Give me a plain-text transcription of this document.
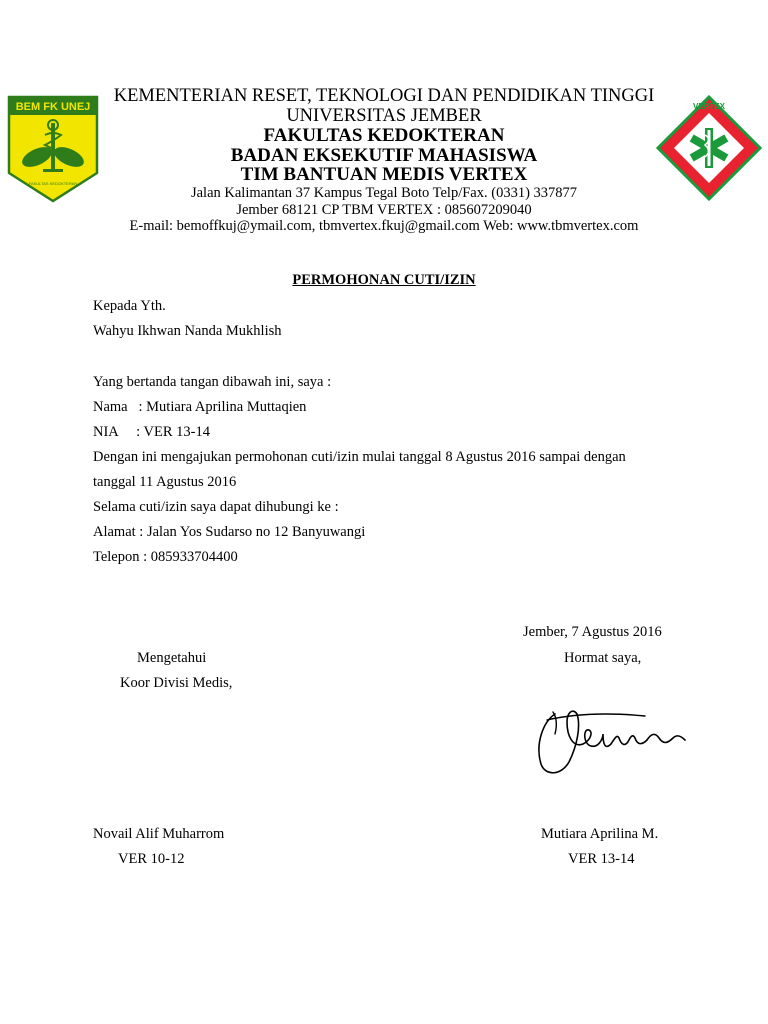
BEM FK UNEJ
FAKULTAS KEDOKTERAN
VERTEX
KEMENTERIAN RESET, TEKNOLOGI DAN PENDIDIKAN TINGGI
UNIVERSITAS JEMBER
FAKULTAS KEDOKTERAN
BADAN EKSEKUTIF MAHASISWA
TIM BANTUAN MEDIS VERTEX
Jalan Kalimantan 37 Kampus Tegal Boto Telp/Fax. (0331) 337877
Jember 68121 CP TBM VERTEX : 085607209040
E-mail: bemoffkuj@ymail.com, tbmvertex.fkuj@gmail.com Web: www.tbmvertex.com
PERMOHONAN CUTI/IZIN
Kepada Yth.
Wahyu Ikhwan Nanda Mukhlish
Yang bertanda tangan dibawah ini, saya :
Nama   : Mutiara Aprilina Muttaqien
NIA     : VER 13-14
Dengan ini mengajukan permohonan cuti/izin mulai tanggal 8 Agustus 2016 sampai dengan
tanggal 11 Agustus 2016
Selama cuti/izin saya dapat dihubungi ke :
Alamat : Jalan Yos Sudarso no 12 Banyuwangi
Telepon : 085933704400
Jember, 7 Agustus 2016
Mengetahui
Koor Divisi Medis,
Hormat saya,
Novail Alif Muharrom
VER 10-12
Mutiara Aprilina M.
VER 13-14
